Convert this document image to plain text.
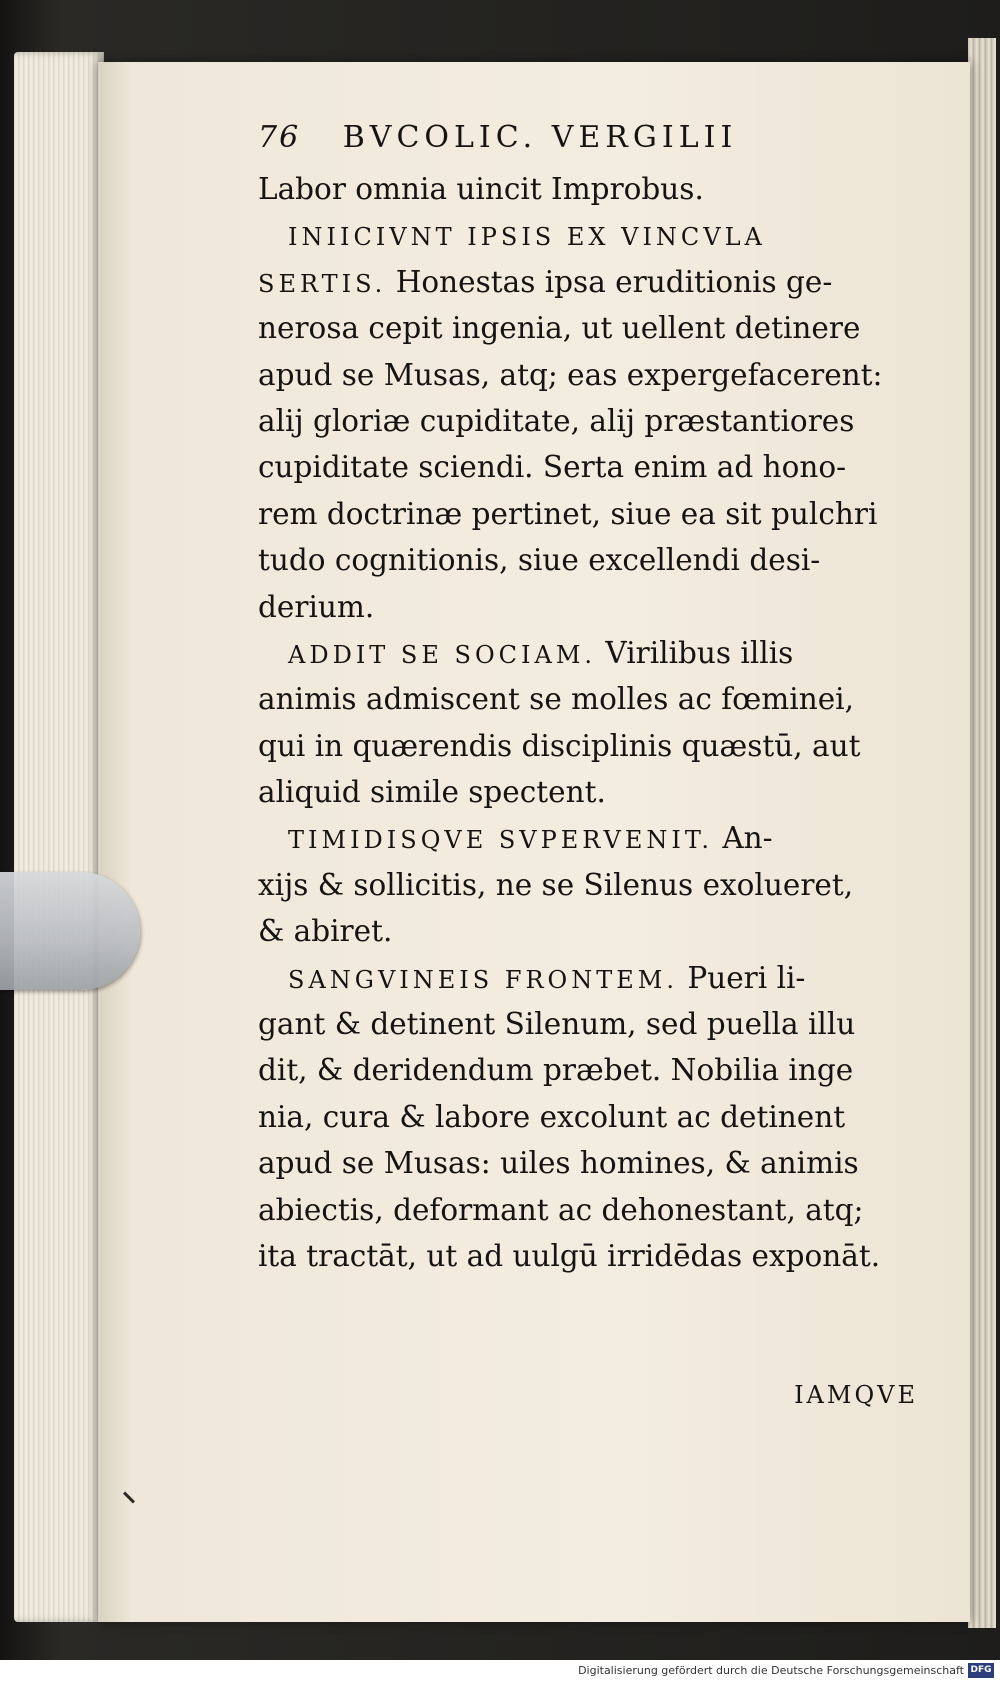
76 BVCOLIC. VERGILII
Labor omnia uincit Improbus.
INIICIVNT IPSIS EX VINCVLA
SERTIS. Honestas ipsa eruditionis ge-
nerosa cepit ingenia, ut uellent detinere
apud se Musas, atq; eas expergefacerent:
alij gloriæ cupiditate, alij præstantiores
cupiditate sciendi. Serta enim ad hono-
rem doctrinæ pertinet, siue ea sit pulchri
tudo cognitionis, siue excellendi desi-
derium.
ADDIT SE SOCIAM. Virilibus illis
animis admiscent se molles ac fœminei,
qui in quærendis disciplinis quæstū, aut
aliquid simile spectent.
TIMIDISQVE SVPERVENIT. An-
xijs & sollicitis, ne se Silenus exolueret,
& abiret.
SANGVINEIS FRONTEM. Pueri li-
gant & detinent Silenum, sed puella illu
dit, & deridendum præbet. Nobilia inge
nia, cura & labore excolunt ac detinent
apud se Musas: uiles homines, & animis
abiectis, deformant ac dehonestant, atq;
ita tractāt, ut ad uulgū irridēdas exponāt.
IAMQVE
Digitalisierung gefördert durch die Deutsche Forschungsgemeinschaft DFG
